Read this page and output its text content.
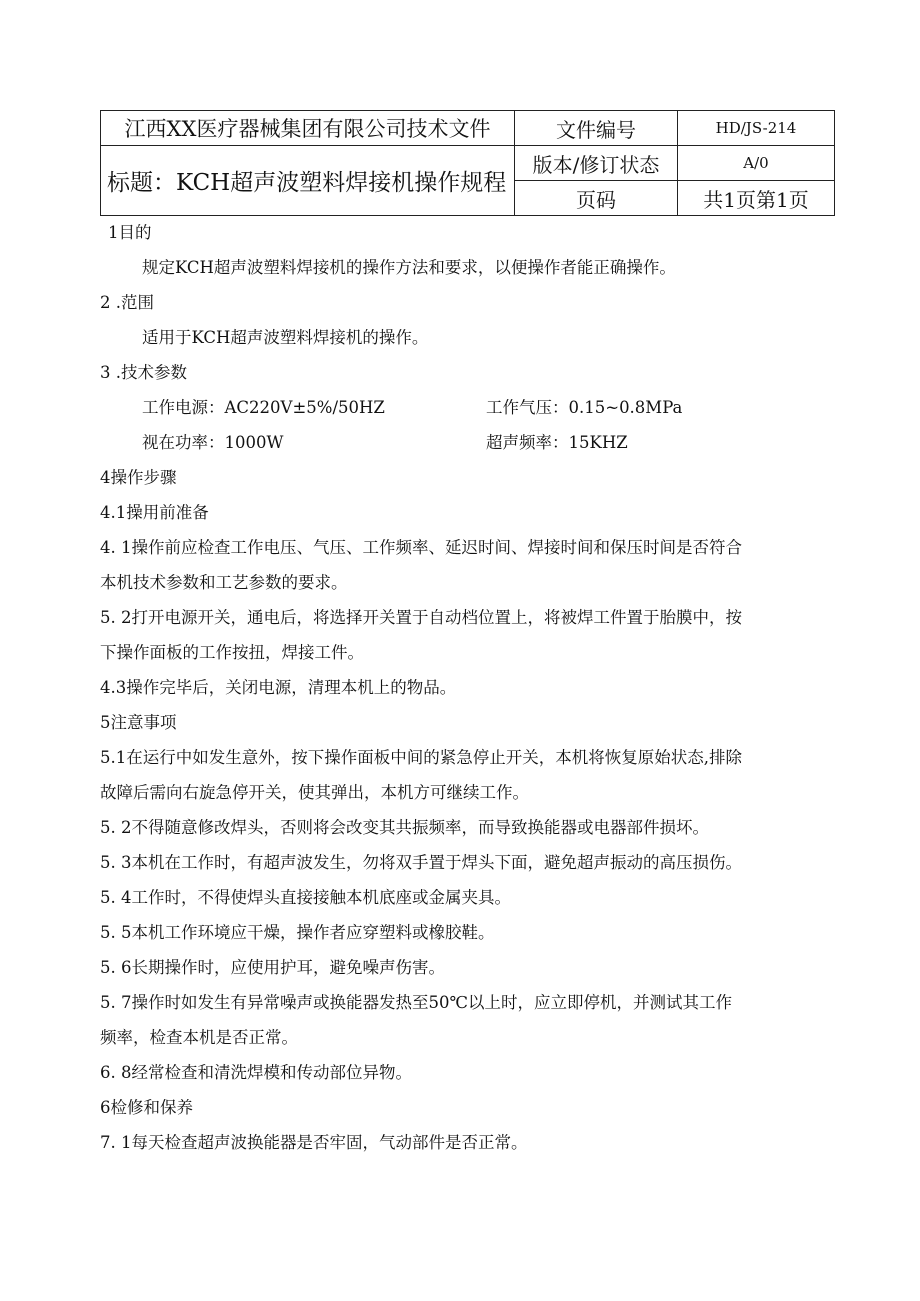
江西XX医疗器械集团有限公司技术文件	文件编号	HD/JS-214
标题：KCH超声波塑料焊接机操作规程	版本/修订状态	A/0
	页码	共1页第1页
1目的
规定KCH超声波塑料焊接机的操作方法和要求，以便操作者能正确操作。
2 .范围
适用于KCH超声波塑料焊接机的操作。
3 .技术参数
工作电源：AC220V±5%/50HZ	工作气压：0.15~0.8MPa
视在功率：1000W	超声频率：15KHZ
4操作步骤
4.1操用前准备
4. 1操作前应检查工作电压、气压、工作频率、延迟时间、焊接时间和保压时间是否符合
本机技术参数和工艺参数的要求。
5. 2打开电源开关，通电后，将选择开关置于自动档位置上，将被焊工件置于胎膜中，按
下操作面板的工作按扭，焊接工件。
4.3操作完毕后，关闭电源，清理本机上的物品。
5注意事项
5.1在运行中如发生意外，按下操作面板中间的紧急停止开关，本机将恢复原始状态,排除
故障后需向右旋急停开关，使其弹出，本机方可继续工作。
5. 2不得随意修改焊头，否则将会改变其共振频率，而导致换能器或电器部件损坏。
5. 3本机在工作时，有超声波发生，勿将双手置于焊头下面，避免超声振动的高压损伤。
5. 4工作时，不得使焊头直接接触本机底座或金属夹具。
5. 5本机工作环境应干燥，操作者应穿塑料或橡胶鞋。
5. 6长期操作时，应使用护耳，避免噪声伤害。
5. 7操作时如发生有异常噪声或换能器发热至50℃以上时，应立即停机，并测试其工作
频率，检查本机是否正常。
6. 8经常检查和清洗焊模和传动部位异物。
6检修和保养
7. 1每天检查超声波换能器是否牢固，气动部件是否正常。
